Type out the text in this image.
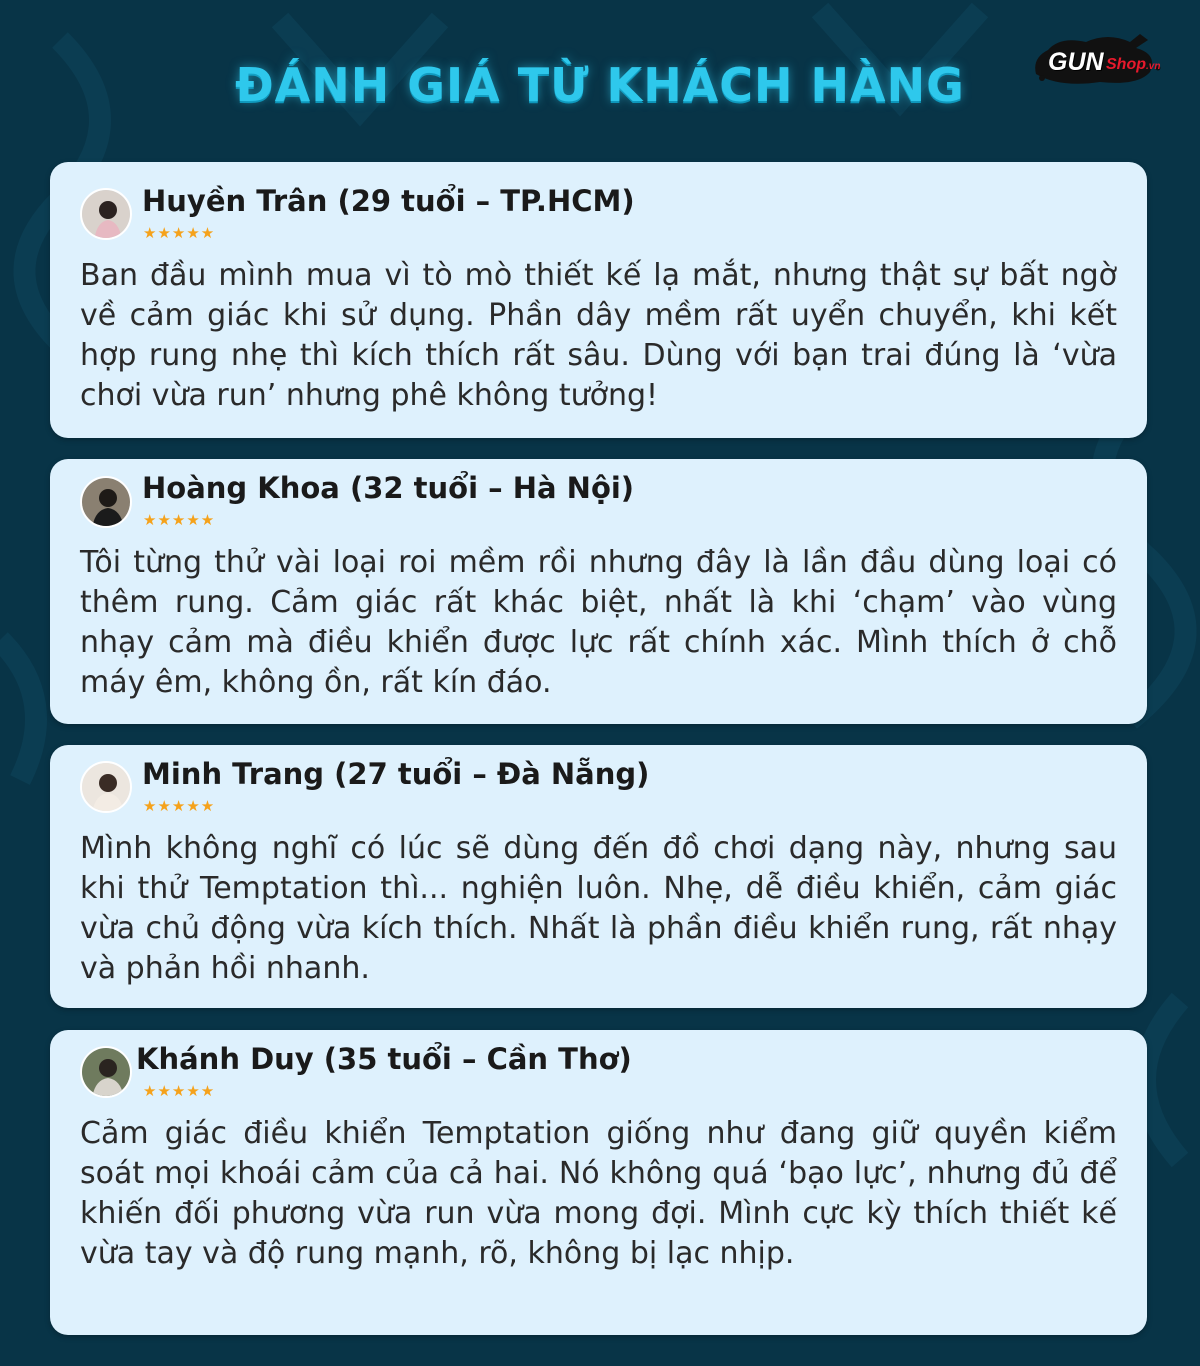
ĐÁNH GIÁ TỪ KHÁCH HÀNG	GUN Shop.vn
Huyền Trân (29 tuổi – TP.HCM)
★★★★★
Ban đầu mình mua vì tò mò thiết kế lạ mắt, nhưng thật sự bất ngờ về cảm giác khi sử dụng. Phần dây mềm rất uyển chuyển, khi kết hợp rung nhẹ thì kích thích rất sâu. Dùng với bạn trai đúng là ‘vừa chơi vừa run’ nhưng phê không tưởng!
Hoàng Khoa (32 tuổi – Hà Nội)
★★★★★
Tôi từng thử vài loại roi mềm rồi nhưng đây là lần đầu dùng loại có thêm rung. Cảm giác rất khác biệt, nhất là khi ‘chạm’ vào vùng nhạy cảm mà điều khiển được lực rất chính xác. Mình thích ở chỗ máy êm, không ồn, rất kín đáo.
Minh Trang (27 tuổi – Đà Nẵng)
★★★★★
Mình không nghĩ có lúc sẽ dùng đến đồ chơi dạng này, nhưng sau khi thử Temptation thì... nghiện luôn. Nhẹ, dễ điều khiển, cảm giác vừa chủ động vừa kích thích. Nhất là phần điều khiển rung, rất nhạy và phản hồi nhanh.
Khánh Duy (35 tuổi – Cần Thơ)
★★★★★
Cảm giác điều khiển Temptation giống như đang giữ quyền kiểm soát mọi khoái cảm của cả hai. Nó không quá ‘bạo lực’, nhưng đủ để khiến đối phương vừa run vừa mong đợi. Mình cực kỳ thích thiết kế vừa tay và độ rung mạnh, rõ, không bị lạc nhịp.
